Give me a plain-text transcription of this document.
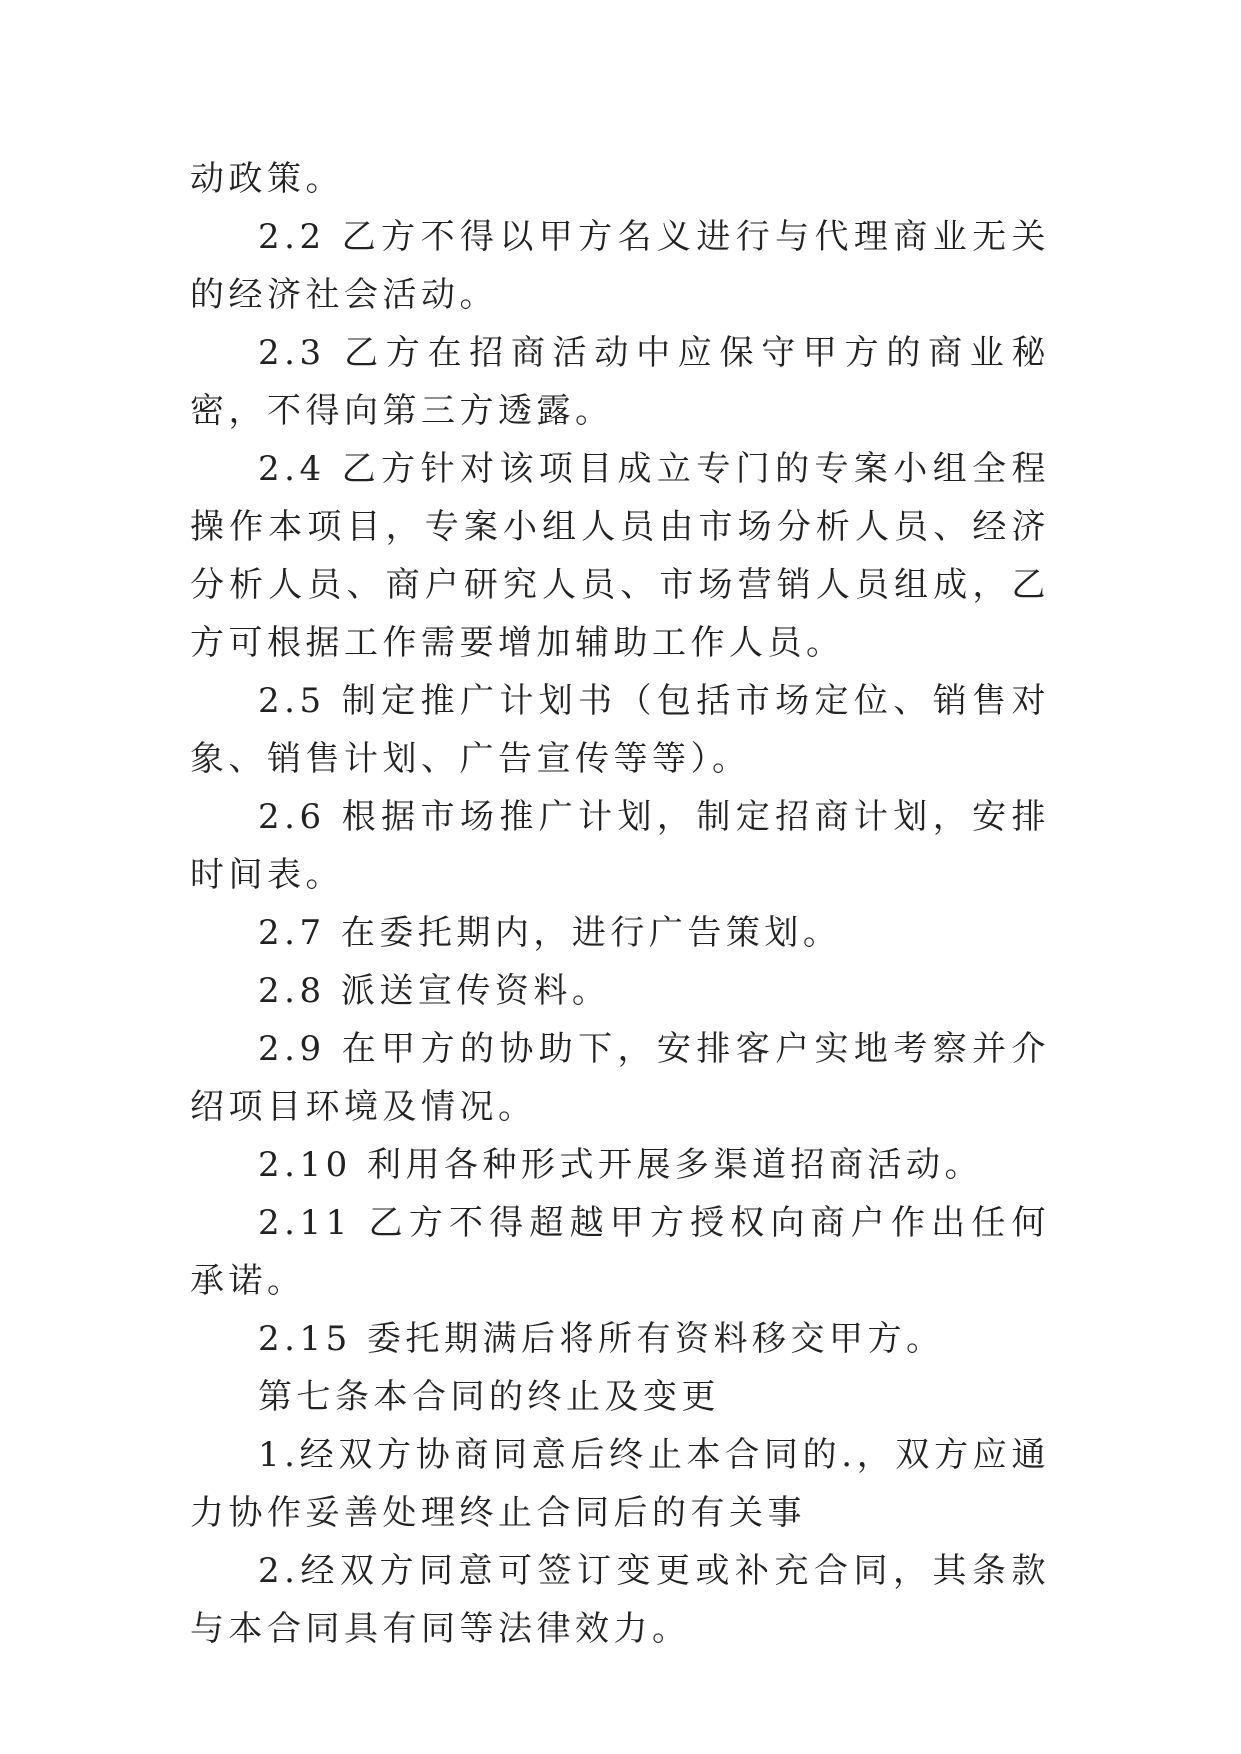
动政策。

2.2 乙方不得以甲方名义进行与代理商业无关的经济社会活动。

2.3 乙方在招商活动中应保守甲方的商业秘密，不得向第三方透露。

2.4 乙方针对该项目成立专门的专案小组全程操作本项目，专案小组人员由市场分析人员、经济分析人员、商户研究人员、市场营销人员组成，乙方可根据工作需要增加辅助工作人员。

2.5 制定推广计划书（包括市场定位、销售对象、销售计划、广告宣传等等）。

2.6 根据市场推广计划，制定招商计划，安排时间表。

2.7 在委托期内，进行广告策划。

2.8 派送宣传资料。

2.9 在甲方的协助下，安排客户实地考察并介绍项目环境及情况。

2.10 利用各种形式开展多渠道招商活动。

2.11 乙方不得超越甲方授权向商户作出任何承诺。

2.15 委托期满后将所有资料移交甲方。

第七条本合同的终止及变更

1.经双方协商同意后终止本合同的.，双方应通力协作妥善处理终止合同后的有关事

2.经双方同意可签订变更或补充合同，其条款与本合同具有同等法律效力。
